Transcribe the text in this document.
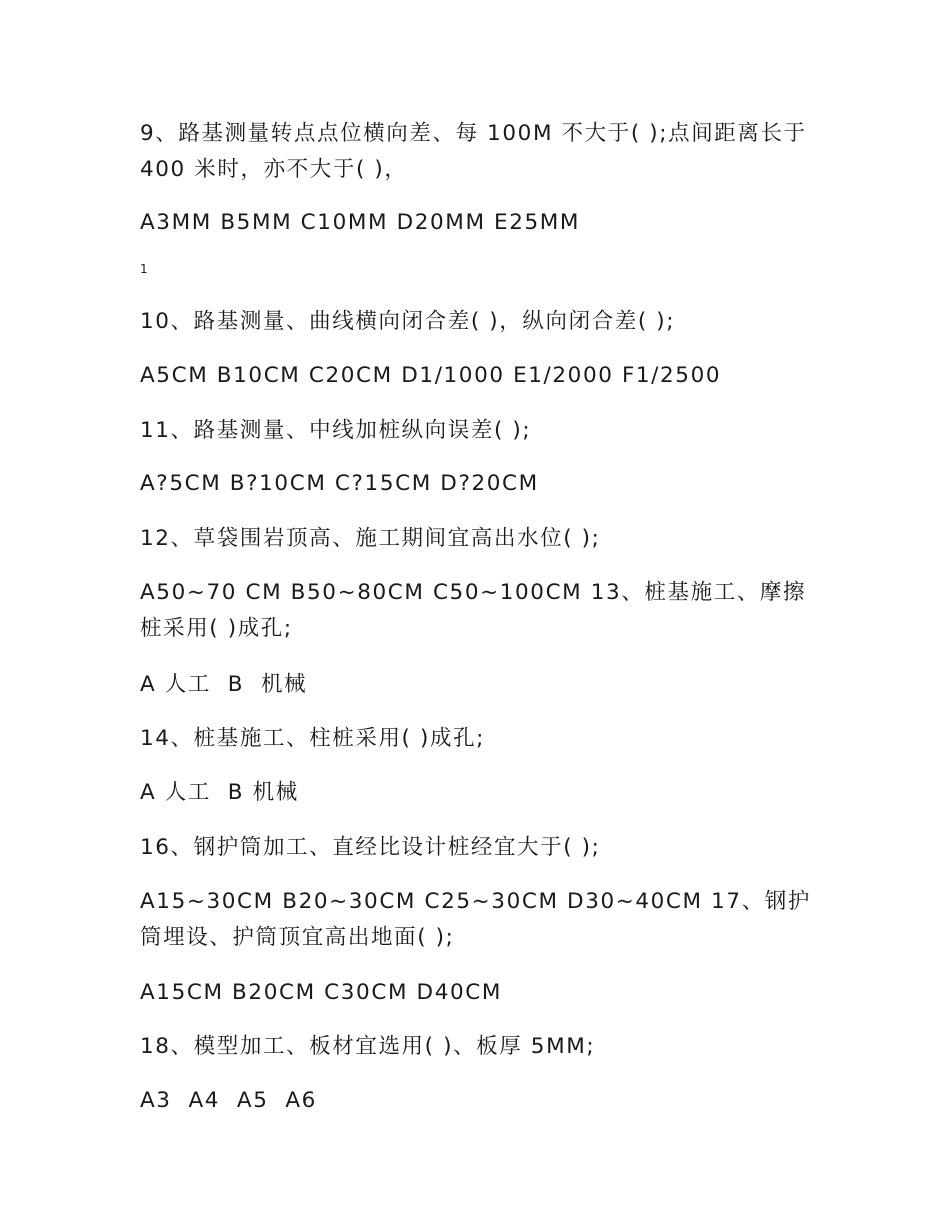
9、路基测量转点点位横向差、每 100M 不大于( );点间距离长于 400 米时，亦不大于( )，
A3MM B5MM C10MM D20MM E25MM
1
10、路基测量、曲线横向闭合差( )，纵向闭合差( );
A5CM B10CM C20CM D1/1000 E1/2000 F1/2500
11、路基测量、中线加桩纵向误差( );
A?5CM B?10CM C?15CM D?20CM
12、草袋围岩顶高、施工期间宜高出水位( );
A50~70 CM B50~80CM C50~100CM 13、桩基施工、摩擦桩采用( )成孔;
A 人工  B  机械
14、桩基施工、柱桩采用( )成孔;
A 人工  B 机械
16、钢护筒加工、直经比设计桩经宜大于( );
A15~30CM B20~30CM C25~30CM D30~40CM 17、钢护筒埋设、护筒顶宜高出地面( );
A15CM B20CM C30CM D40CM
18、模型加工、板材宜选用( )、板厚 5MM;
A3  A4  A5  A6
